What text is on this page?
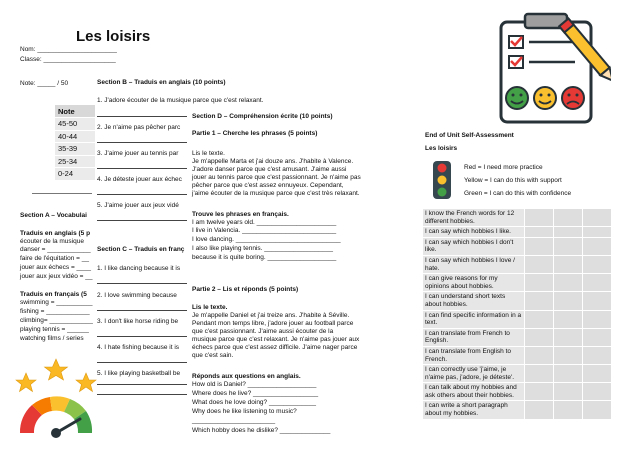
Les loisirs
Nom: ______________________
Classe: ____________________
Note: _____ / 50
Note
45-50
40-44
35-39
25-34
0-24
Section A – Vocabulai
Traduis en anglais (5 p
écouter de la musique
danser = ____________
faire de l'équitation = __
jouer aux échecs = ____
jouer aux jeux vidéo = __
Traduis en français (5
swimming = __________
fishing = ____________
climbing= ____________
playing tennis = ______
watching films / series
Section B – Traduis en anglais (10 points)
1. J'adore écouter de la musique parce que c'est relaxant.
2. Je n'aime pas pêcher parc
3. J'aime jouer au tennis par
4. Je déteste jouer aux échec
5. J'aime jouer aux jeux vidé
Section C – Traduis en franç
1. I like dancing because it is
2. I love swimming because
3. I don't like horse riding be
4. I hate fishing because it is
5. I like playing basketball be
Section D – Compréhension écrite (10 points)
Partie 1 – Cherche les phrases (5 points)
Lis le texte.
Je m'appelle Marta et j'ai douze ans. J'habite à Valence.
J'adore danser parce que c'est amusant. J'aime aussi
jouer au tennis parce que c'est passionnant. Je n'aime pas
pêcher parce que c'est assez ennuyeux. Cependant,
j'aime écouter de la musique parce que c'est très relaxant.
Trouve les phrases en français.
I am twelve years old. ______________________
I live in Valencia. __________________________
I love dancing. _____________________________
I also like playing tennis. ___________________
because it is quite boring. ___________________
Partie 2 – Lis et réponds (5 points)
Lis le texte.
Je m'appelle Daniel et j'ai treize ans. J'habite à Séville.
Pendant mon temps libre, j'adore jouer au football parce
que c'est passionnant. J'aime aussi écouter de la
musique parce que c'est relaxant. Je n'aime pas jouer aux
échecs parce que c'est assez difficile. J'aime nager parce
que c'est sain.
Réponds aux questions en anglais.
How old is Daniel? ___________________
Where does he live? __________________
What does he love doing? _____________
Why does he like listening to music?
_______________________
Which hobby does he dislike? ______________
End of Unit Self-Assessment
Les loisirs
Red = I need more practice
Yellow = I can do this with support
Green = I can do this with confidence
I know the French words for 12 different hobbies.			
I can say which hobbies I like.			
I can say which hobbies I don't like.			
I can say which hobbies I love / hate.			
I can give reasons for my opinions about hobbies.			
I can understand short texts about hobbies.			
I can find specific information in a text.			
I can translate from French to English.			
I can translate from English to French.			
I can correctly use 'j'aime, je n'aime pas, j'adore, je déteste'.			
I can talk about my hobbies and ask others about their hobbies.			
I can write a short paragraph about my hobbies.			
